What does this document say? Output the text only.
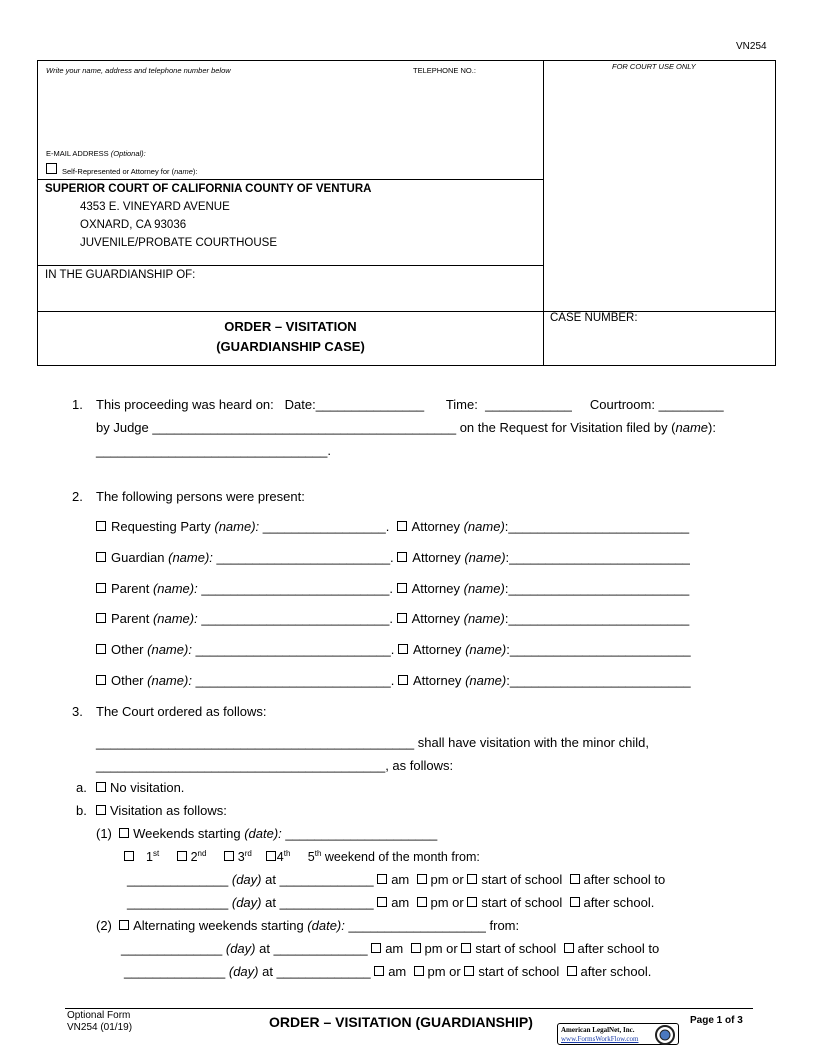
VN254
Write your name, address and telephone number below	TELEPHONE NO.:	FOR COURT USE ONLY
E-MAIL ADDRESS (Optional):
Self-Represented or Attorney for (name):
SUPERIOR COURT OF CALIFORNIA COUNTY OF VENTURA
4353 E. VINEYARD AVENUE
OXNARD, CA 93036
JUVENILE/PROBATE COURTHOUSE
IN THE GUARDIANSHIP OF:
ORDER – VISITATION
(GUARDIANSHIP CASE)
CASE NUMBER:
1. This proceeding was heard on: Date:_______________ Time: ____________ Courtroom: _________
by Judge __________________________________________ on the Request for Visitation filed by (name):
________________________________.
2. The following persons were present:
Requesting Party (name): _________________. Attorney (name):_________________________
Guardian (name): ________________________. Attorney (name):_________________________
Parent (name): __________________________. Attorney (name):_________________________
Parent (name): __________________________. Attorney (name):_________________________
Other (name): ___________________________. Attorney (name):_________________________
Other (name): ___________________________. Attorney (name):_________________________
3. The Court ordered as follows:
____________________________________________ shall have visitation with the minor child,
________________________________________, as follows:
a.	No visitation.
b.	Visitation as follows:
(1) Weekends starting (date): _____________________
1st	2nd	3rd 4th 5th weekend of the month from:
______________ (day) at _____________ am pm or start of school after school to
______________ (day) at _____________ am pm or start of school after school.
(2) Alternating weekends starting (date): ___________________ from:
______________ (day) at _____________ am pm or start of school after school to
______________ (day) at _____________ am pm or start of school after school.
Optional Form
VN254 (01/19)	ORDER – VISITATION (GUARDIANSHIP)	American LegalNet, Inc.
www.FormsWorkFlow.com
Page 1 of 3
